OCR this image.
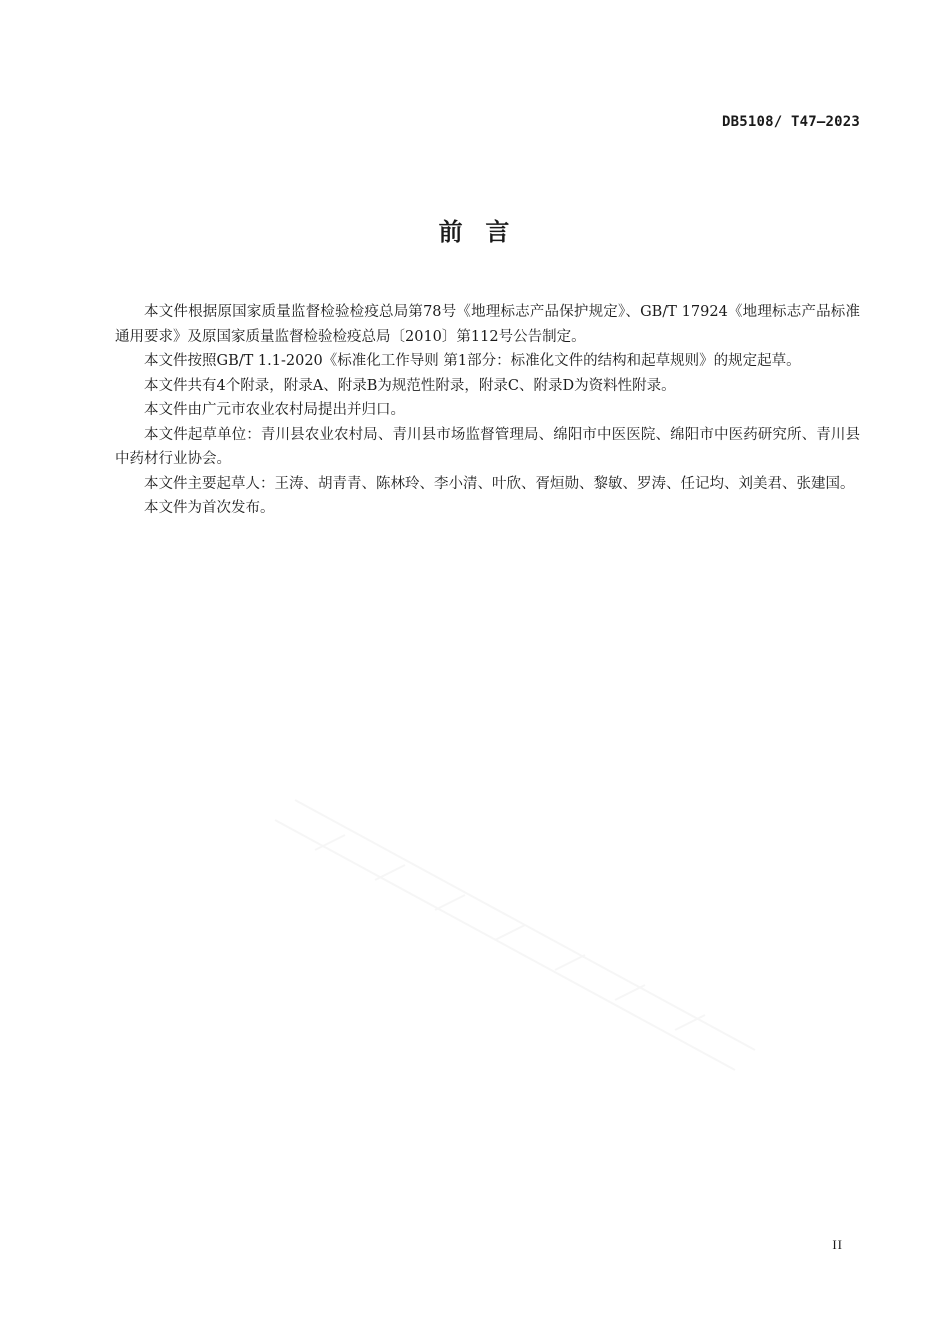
DB5108/ T47—2023
前  言

本文件根据原国家质量监督检验检疫总局第78号《地理标志产品保护规定》、GB/T 17924《地理标志产品标准通用要求》及原国家质量监督检验检疫总局〔2010〕第112号公告制定。

本文件按照GB/T 1.1-2020《标准化工作导则 第1部分：标准化文件的结构和起草规则》的规定起草。

本文件共有4个附录，附录A、附录B为规范性附录，附录C、附录D为资料性附录。

本文件由广元市农业农村局提出并归口。

本文件起草单位：青川县农业农村局、青川县市场监督管理局、绵阳市中医医院、绵阳市中医药研究所、青川县中药材行业协会。

本文件主要起草人：王涛、胡青青、陈林玲、李小清、叶欣、胥烜勋、黎敏、罗涛、任记均、刘美君、张建国。

本文件为首次发布。

II
